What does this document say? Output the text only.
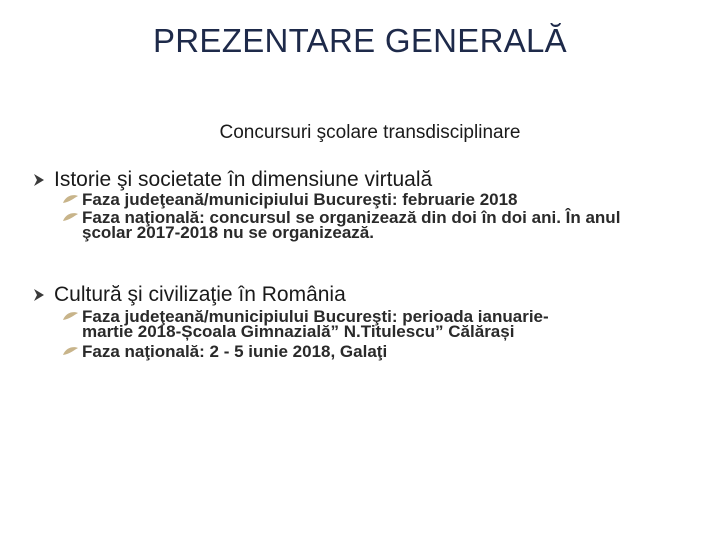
PREZENTARE GENERALĂ
Concursuri şcolare transdisciplinare
Istorie şi societate în dimensiune virtuală
Faza judeţeană/municipiului Bucureşti: februarie 2018
Faza naţională: concursul se organizează din doi în doi ani. În anul
şcolar 2017-2018 nu se organizează.
Cultură şi civilizaţie în România
Faza judeţeană/municipiului Bucureşti: perioada ianuarie-
martie 2018-Școala Gimnazială” N.Titulescu” Călărași
Faza naţională: 2 - 5 iunie 2018, Galaţi
